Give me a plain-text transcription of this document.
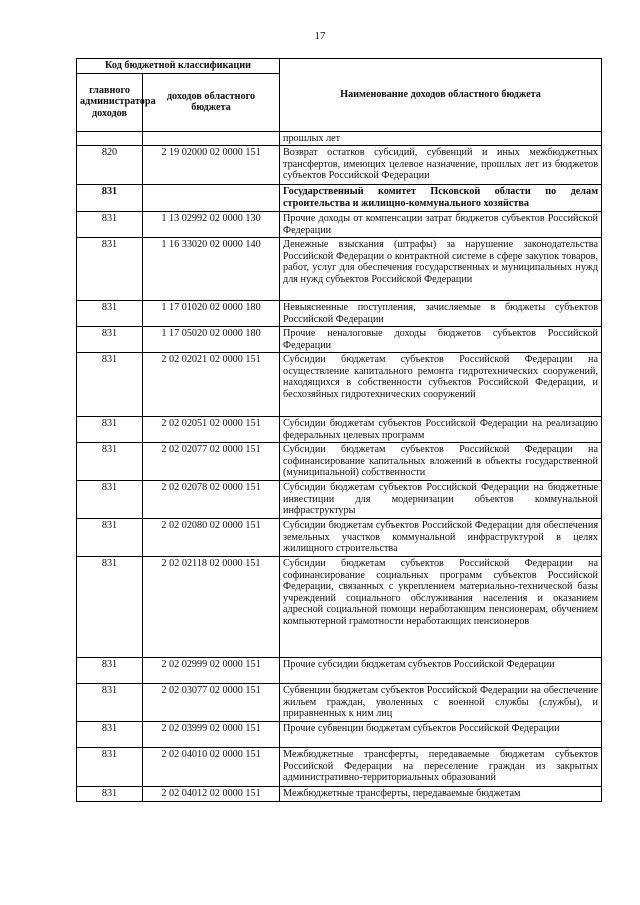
17
Код бюджетной классификации		Наименование доходов областного бюджета
главного администратора доходов	доходов областного бюджета	
		прошлых лет
820	2 19 02000 02 0000 151	Возврат остатков субсидий, субвенций и иных межбюджетных трансфертов, имеющих целевое назначение, прошлых лет из бюджетов субъектов Российской Федерации
831		Государственный комитет Псковской области по делам строительства и жилищно-коммунального хозяйства
831	1 13 02992 02 0000 130	Прочие доходы от компенсации затрат бюджетов субъектов Российской Федерации
831	1 16 33020 02 0000 140	Денежные взыскания (штрафы) за нарушение законодательства Российской Федерации о контрактной системе в сфере закупок товаров, работ, услуг для обеспечения государственных и муниципальных нужд для нужд субъектов Российской Федерации
831	1 17 01020 02 0000 180	Невыясненные поступления, зачисляемые в бюджеты субъектов Российской Федерации
831	1 17 05020 02 0000 180	Прочие неналоговые доходы бюджетов субъектов Российской Федерации
831	2 02 02021 02 0000 151	Субсидии бюджетам субъектов Российской Федерации на осуществление капитального ремонта гидротехнических сооружений, находящихся в собственности субъектов Российской Федерации, и бесхозяйных гидротехнических сооружений
831	2 02 02051 02 0000 151	Субсидии бюджетам субъектов Российской Федерации на реализацию федеральных целевых программ
831	2 02 02077 02 0000 151	Субсидии бюджетам субъектов Российской Федерации на софинансирование капитальных вложений в объекты государственной (муниципальной) собственности
831	2 02 02078 02 0000 151	Субсидии бюджетам субъектов Российской Федерации на бюджетные инвестиции для модернизации объектов коммунальной инфраструктуры
831	2 02 02080 02 0000 151	Субсидии бюджетам субъектов Российской Федерации для обеспечения земельных участков коммунальной инфраструктурой в целях жилищного строительства
831	2 02 02118 02 0000 151	Субсидии бюджетам субъектов Российской Федерации на софинансирование социальных программ субъектов Российской Федерации, связанных с укреплением материально-технической базы учреждений социального обслуживания населения и оказанием адресной социальной помощи неработающим пенсионерам, обучением компьютерной грамотности неработающих пенсионеров
831	2 02 02999 02 0000 151	Прочие субсидии бюджетам субъектов Российской Федерации
831	2 02 03077 02 0000 151	Субвенции бюджетам субъектов Российской Федерации на обеспечение жильем граждан, уволенных с военной службы (службы), и приравненных к ним лиц
831	2 02 03999 02 0000 151	Прочие субвенции бюджетам субъектов Российской Федерации
831	2 02 04010 02 0000 151	Межбюджетные трансферты, передаваемые бюджетам субъектов Российской Федерации на переселение граждан из закрытых административно-территориальных образований
831	2 02 04012 02 0000 151	Межбюджетные трансферты, передаваемые бюджетам
